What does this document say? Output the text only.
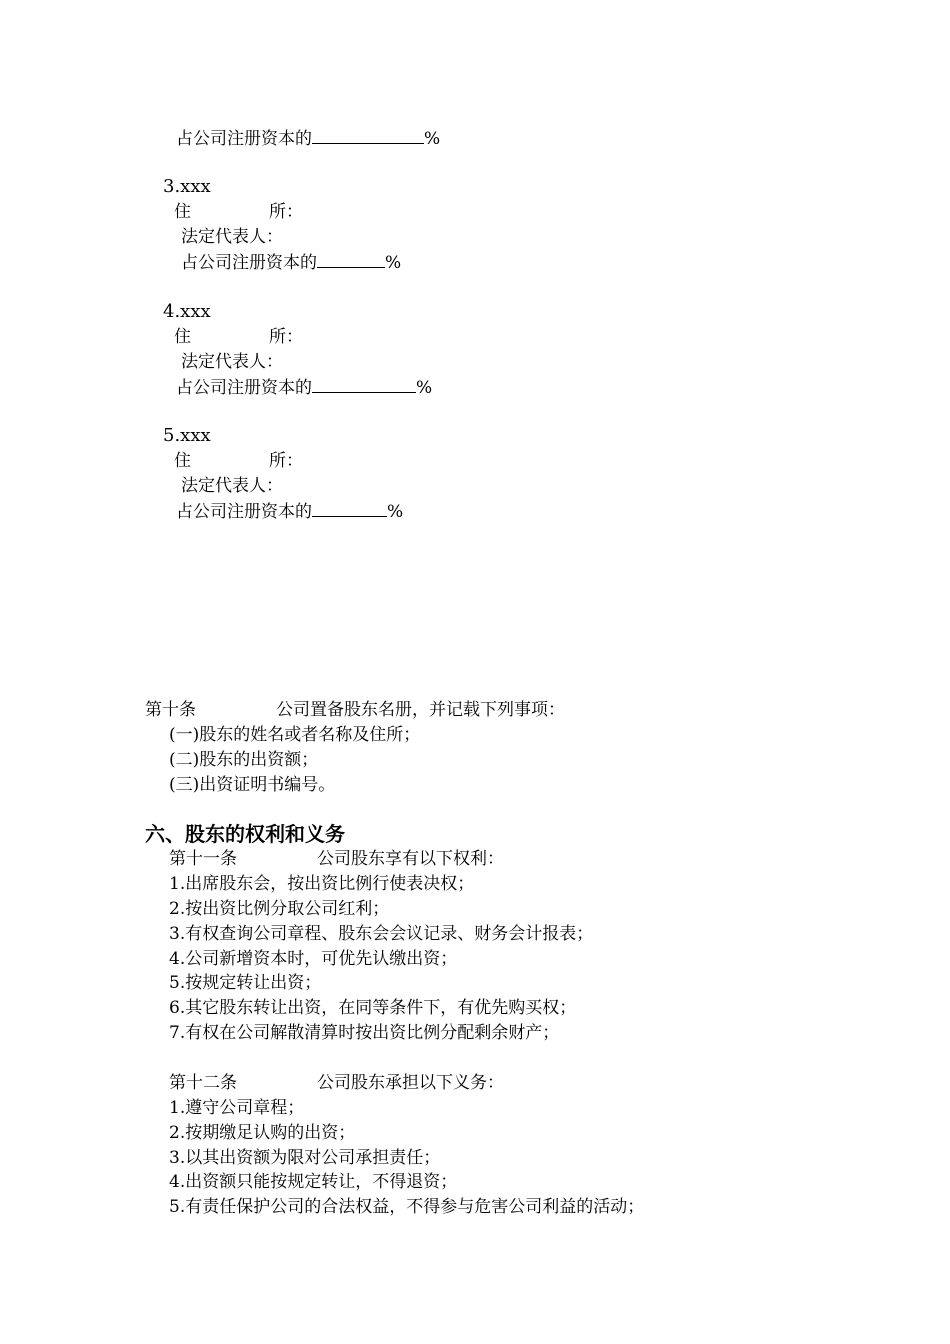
占公司注册资本的	%
3.xxx
住	所：
法定代表人：
占公司注册资本的	%
4.xxx
住	所：
法定代表人：
占公司注册资本的	%
5.xxx
住	所：
法定代表人：
占公司注册资本的	%
第十条	公司置备股东名册，并记载下列事项：
(一)股东的姓名或者名称及住所；
(二)股东的出资额；
(三)出资证明书编号。
六、股东的权利和义务
第十一条	公司股东享有以下权利：
1.出席股东会，按出资比例行使表决权；
2.按出资比例分取公司红利；
3.有权查询公司章程、股东会会议记录、财务会计报表；
4.公司新增资本时，可优先认缴出资；
5.按规定转让出资；
6.其它股东转让出资，在同等条件下，有优先购买权；
7.有权在公司解散清算时按出资比例分配剩余财产；
第十二条	公司股东承担以下义务：
1.遵守公司章程；
2.按期缴足认购的出资；
3.以其出资额为限对公司承担责任；
4.出资额只能按规定转让，不得退资；
5.有责任保护公司的合法权益，不得参与危害公司利益的活动；
